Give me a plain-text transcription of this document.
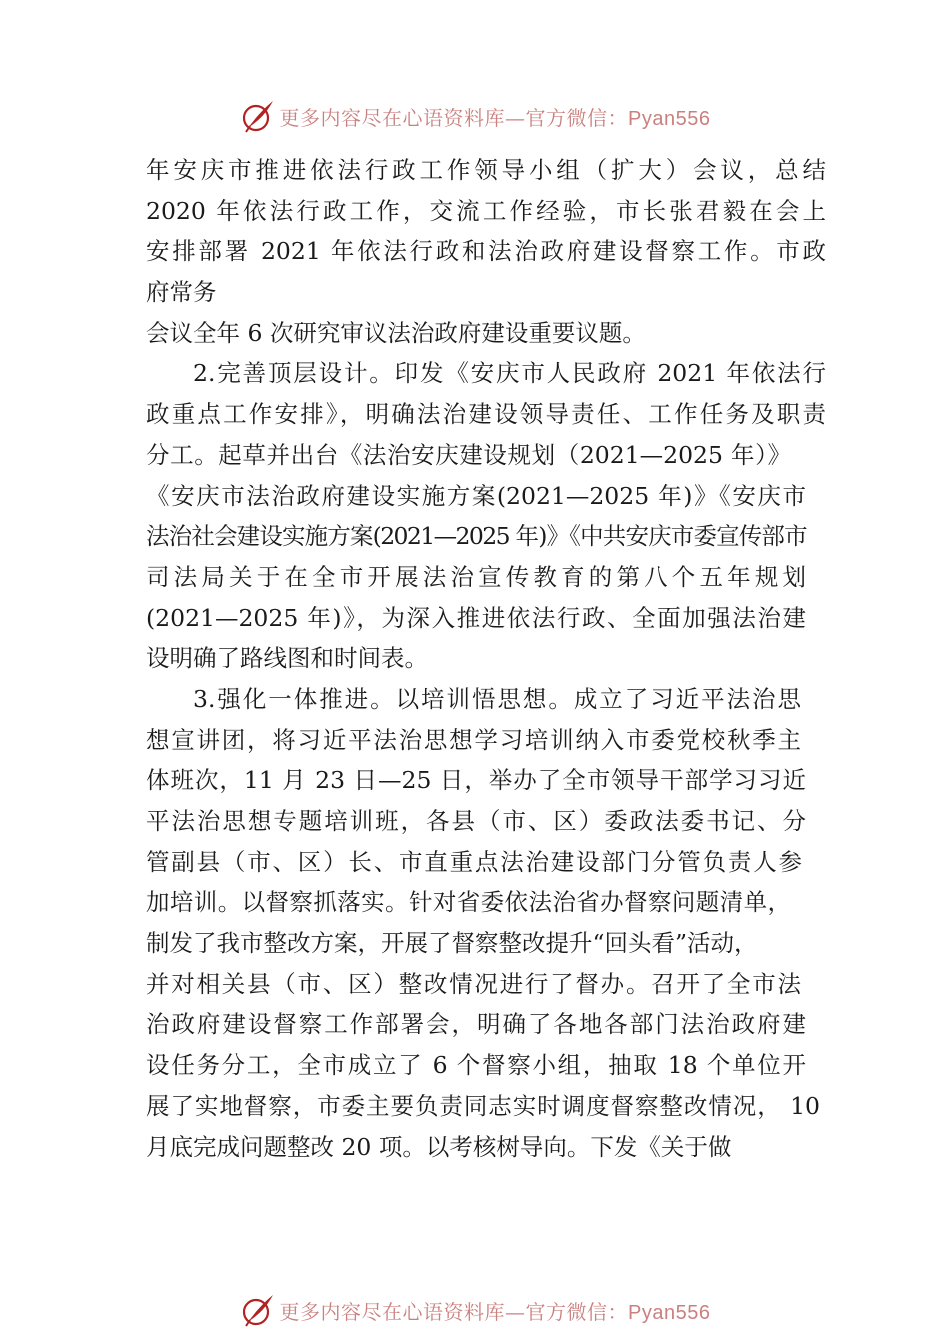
更多内容尽在心语资料库—官方微信：Pyan556
年安庆市推进依法行政工作领导小组（扩大）会议，总结
2020 年依法行政工作，交流工作经验，市长张君毅在会上
安排部署 2021 年依法行政和法治政府建设督察工作。市政
府常务
会议全年 6 次研究审议法治政府建设重要议题。
2.完善顶层设计。印发《安庆市人民政府 2021 年依法行
政重点工作安排》，明确法治建设领导责任、工作任务及职责
分工。起草并出台《法治安庆建设规划（2021—2025 年）》
《安庆市法治政府建设实施方案(2021—2025 年)》《安庆市
法治社会建设实施方案(2021—2025 年)》《中共安庆市委宣传部市
司法局关于在全市开展法治宣传教育的第八个五年规划
(2021—2025 年)》，为深入推进依法行政、全面加强法治建
设明确了路线图和时间表。
3.强化一体推进。以培训悟思想。成立了习近平法治思
想宣讲团，将习近平法治思想学习培训纳入市委党校秋季主
体班次，11 月 23 日—25 日，举办了全市领导干部学习习近
平法治思想专题培训班，各县（市、区）委政法委书记、分
管副县（市、区）长、市直重点法治建设部门分管负责人参
加培训。以督察抓落实。针对省委依法治省办督察问题清单，
制发了我市整改方案，开展了督察整改提升“回头看”活动，
并对相关县（市、区）整改情况进行了督办。召开了全市法
治政府建设督察工作部署会，明确了各地各部门法治政府建
设任务分工，全市成立了 6 个督察小组，抽取 18 个单位开
展了实地督察，市委主要负责同志实时调度督察整改情况， 10
月底完成问题整改 20 项。以考核树导向。下发《关于做
更多内容尽在心语资料库—官方微信：Pyan556
